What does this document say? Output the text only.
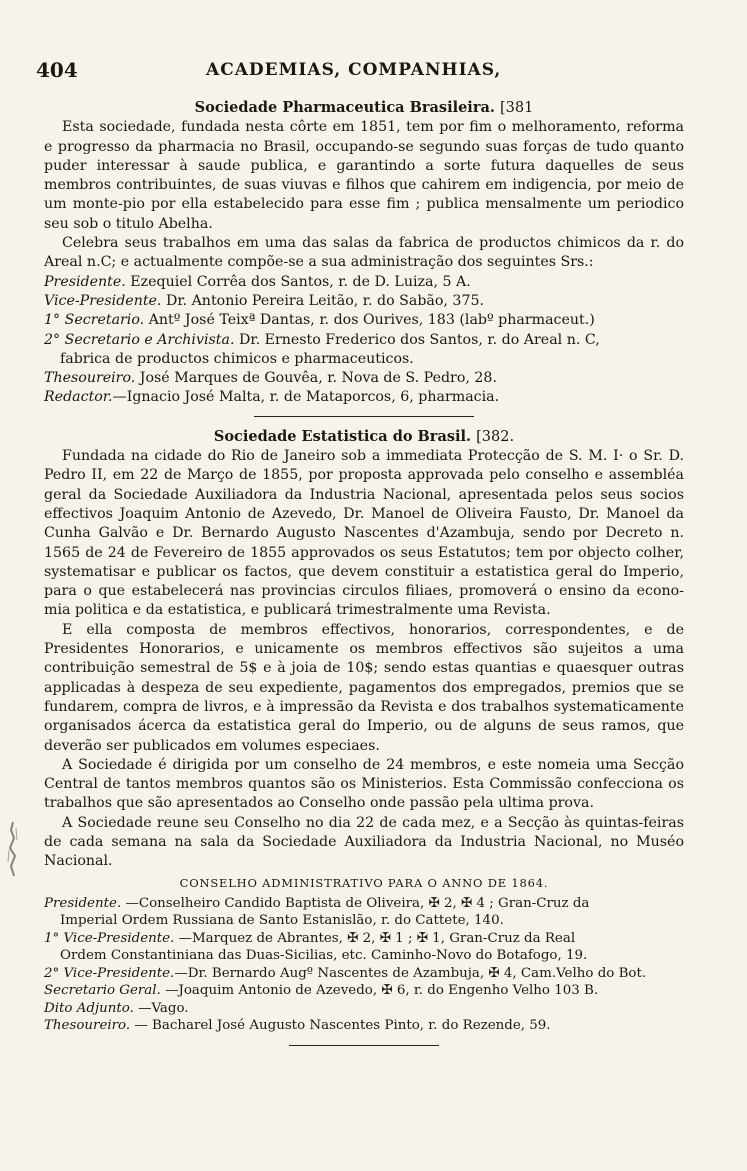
404	ACADEMIAS, COMPANHIAS,
Sociedade Pharmaceutica Brasileira. [381

Esta sociedade, fundada nesta côrte em 1851, tem por fim o melhoramento, reforma e progresso da pharmacia no Brasil, occupando-se segundo suas forças de tudo quanto puder interessar à saude publica, e garantindo a sorte futura daquelles de seus membros contribuintes, de suas viuvas e filhos que cahirem em indigencia, por meio de um monte-pio por ella estabelecido para esse fim ; publica mensalmente um periodico seu sob o titulo Abelha.

Celebra seus trabalhos em uma das salas da fabrica de productos chimicos da r. do Areal n.C; e actualmente compõe-se a sua administração dos seguintes Srs.:

Presidente. Ezequiel Corrêa dos Santos, r. de D. Luiza, 5 A.
Vice-Presidente. Dr. Antonio Pereira Leitão, r. do Sabão, 375.
1° Secretario. Antº José Teixª Dantas, r. dos Ourives, 183 (labº pharmaceut.)
2° Secretario e Archivista. Dr. Ernesto Frederico dos Santos, r. do Areal n. C,
fabrica de productos chimicos e pharmaceuticos.
Thesoureiro. José Marques de Gouvêa, r. Nova de S. Pedro, 28.
Redactor.—Ignacio José Malta, r. de Mataporcos, 6, pharmacia.
Sociedade Estatistica do Brasil. [382.

Fundada na cidade do Rio de Janeiro sob a immediata Protecção de S. M. I· o Sr. D. Pedro II, em 22 de Março de 1855, por proposta approvada pelo conselho e assembléa geral da Sociedade Auxiliadora da Industria Nacional, apresentada pelos seus socios effectivos Joaquim Antonio de Azevedo, Dr. Manoel de Oliveira Fausto, Dr. Manoel da Cunha Galvão e Dr. Bernardo Augusto Nascentes d'Azambuja, sendo por Decreto n. 1565 de 24 de Fevereiro de 1855 approvados os seus Estatutos; tem por objecto colher, systematisar e publicar os factos, que devem constituir a estatistica geral do Imperio, para o que estabelecerá nas provincias circulos filiaes, promoverá o ensino da econo- mia politica e da estatistica, e publicará trimestralmente uma Revista.

E ella composta de membros effectivos, honorarios, correspondentes, e de Presidentes Honorarios, e unicamente os membros effectivos são sujeitos a uma contribuição semestral de 5$ e à joia de 10$; sendo estas quantias e quaesquer outras applicadas à despeza de seu expediente, pagamentos dos empregados, premios que se fundarem, compra de livros, e à impressão da Revista e dos trabalhos systematicamente organisados ácerca da estatistica geral do Imperio, ou de alguns de seus ramos, que deverão ser publicados em volumes especiaes.

A Sociedade é dirigida por um conselho de 24 membros, e este nomeia uma Secção Central de tantos membros quantos são os Ministerios. Esta Commissão confecciona os trabalhos que são apresentados ao Conselho onde passão pela ultima prova.

A Sociedade reune seu Conselho no dia 22 de cada mez, e a Secção às quintas-feiras de cada semana na sala da Sociedade Auxiliadora da Industria Nacional, no Muséo Nacional.

CONSELHO ADMINISTRATIVO PARA O ANNO DE 1864.
Presidente. —Conselheiro Candido Baptista de Oliveira, ✠ 2, ✠ 4 ; Gran-Cruz da
Imperial Ordem Russiana de Santo Estanislão, r. do Cattete, 140.
1° Vice-Presidente. —Marquez de Abrantes, ✠ 2, ✠ 1 ; ✠ 1, Gran-Cruz da Real
Ordem Constantiniana das Duas-Sicilias, etc. Caminho-Novo do Botafogo, 19.
2° Vice-Presidente.—Dr. Bernardo Augº Nascentes de Azambuja, ✠ 4, Cam.Velho do Bot.
Secretario Geral. —Joaquim Antonio de Azevedo, ✠ 6, r. do Engenho Velho 103 B.
Dito Adjunto. —Vago.
Thesoureiro. — Bacharel José Augusto Nascentes Pinto, r. do Rezende, 59.
